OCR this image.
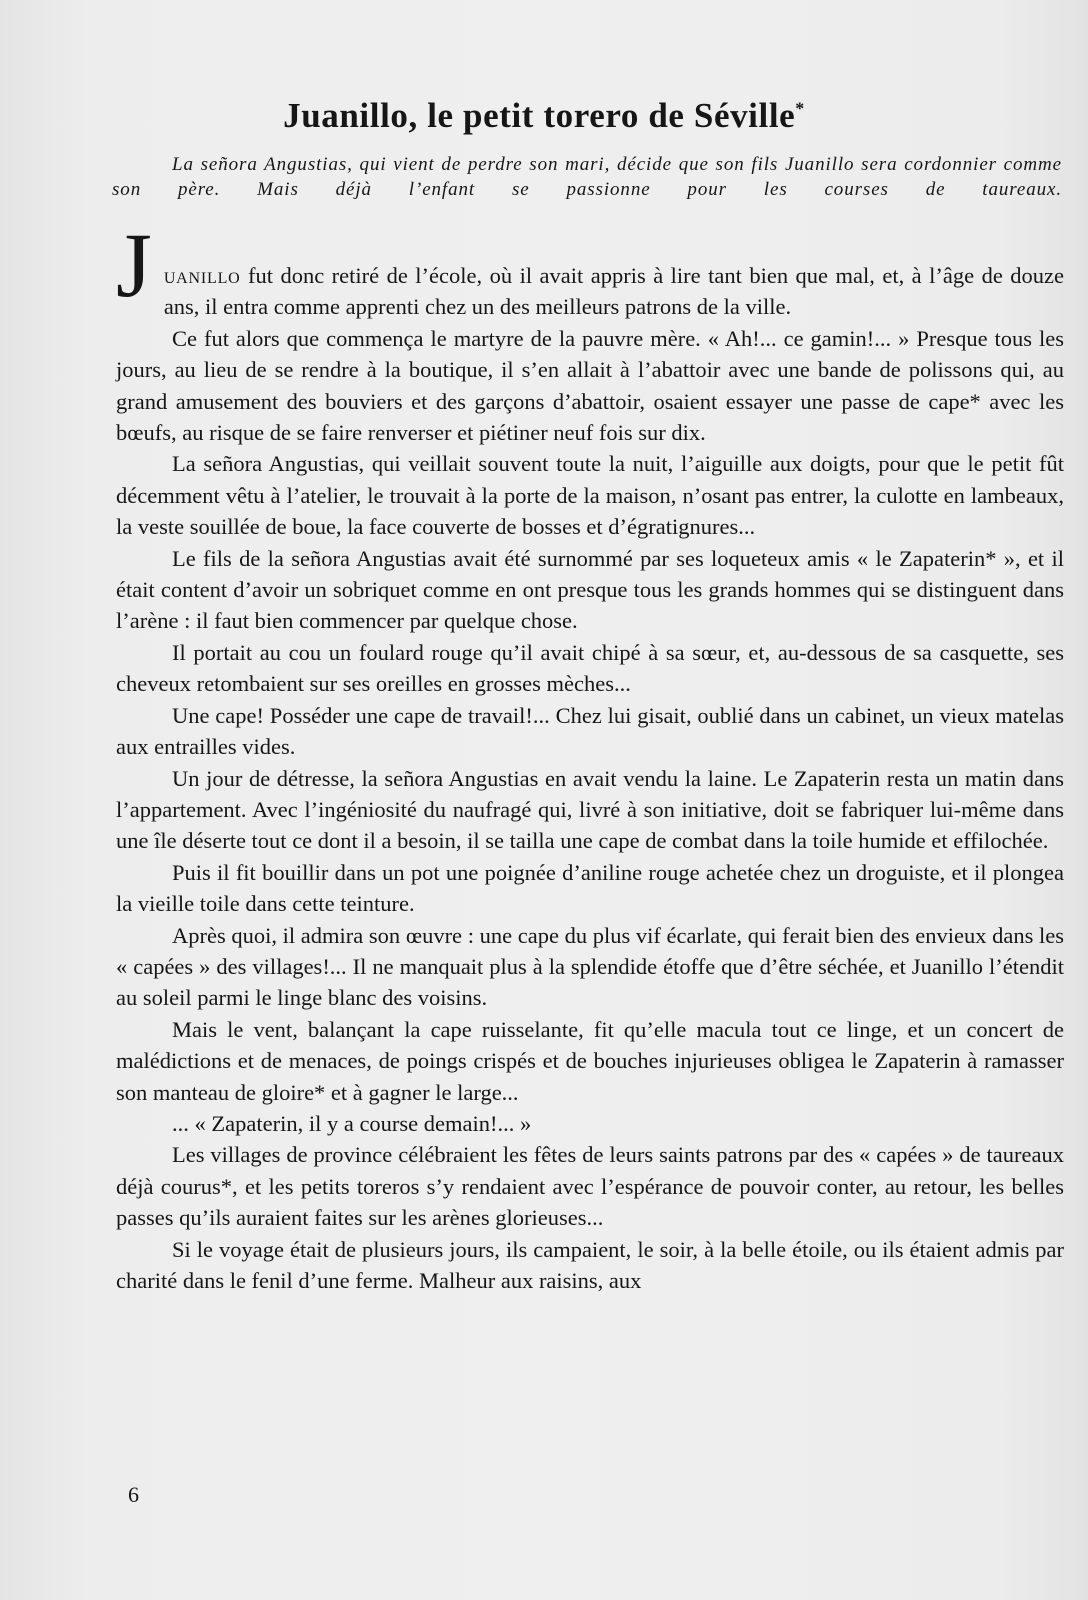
Juanillo, le petit torero de Séville*

La señora Angustias, qui vient de perdre son mari, décide que son fils Juanillo sera cordonnier comme son père. Mais déjà l’enfant se passionne pour les courses de taureaux.

Juanillo fut donc retiré de l’école, où il avait appris à lire tant bien que mal, et, à l’âge de douze ans, il entra comme apprenti chez un des meilleurs patrons de la ville.

Ce fut alors que commença le martyre de la pauvre mère. « Ah!... ce gamin!... » Presque tous les jours, au lieu de se rendre à la boutique, il s’en allait à l’abattoir avec une bande de polissons qui, au grand amusement des bouviers et des garçons d’abattoir, osaient essayer une passe de cape* avec les bœufs, au risque de se faire renverser et piétiner neuf fois sur dix.

La señora Angustias, qui veillait souvent toute la nuit, l’aiguille aux doigts, pour que le petit fût décemment vêtu à l’atelier, le trouvait à la porte de la maison, n’osant pas entrer, la culotte en lambeaux, la veste souillée de boue, la face couverte de bosses et d’égratignures...

Le fils de la señora Angustias avait été surnommé par ses loqueteux amis « le Zapaterin* », et il était content d’avoir un sobriquet comme en ont presque tous les grands hommes qui se distinguent dans l’arène : il faut bien commencer par quelque chose.

Il portait au cou un foulard rouge qu’il avait chipé à sa sœur, et, au-dessous de sa casquette, ses cheveux retombaient sur ses oreilles en grosses mèches...

Une cape! Posséder une cape de travail!... Chez lui gisait, oublié dans un cabinet, un vieux matelas aux entrailles vides.

Un jour de détresse, la señora Angustias en avait vendu la laine. Le Zapaterin resta un matin dans l’appartement. Avec l’ingéniosité du naufragé qui, livré à son initiative, doit se fabriquer lui-même dans une île déserte tout ce dont il a besoin, il se tailla une cape de combat dans la toile humide et effilochée.

Puis il fit bouillir dans un pot une poignée d’aniline rouge achetée chez un droguiste, et il plongea la vieille toile dans cette teinture.

Après quoi, il admira son œuvre : une cape du plus vif écarlate, qui ferait bien des envieux dans les « capées » des villages!... Il ne manquait plus à la splendide étoffe que d’être séchée, et Juanillo l’étendit au soleil parmi le linge blanc des voisins.

Mais le vent, balançant la cape ruisselante, fit qu’elle macula tout ce linge, et un concert de malédictions et de menaces, de poings crispés et de bouches injurieuses obligea le Zapaterin à ramasser son manteau de gloire* et à gagner le large...

... « Zapaterin, il y a course demain!... »

Les villages de province célébraient les fêtes de leurs saints patrons par des « capées » de taureaux déjà courus*, et les petits toreros s’y rendaient avec l’espérance de pouvoir conter, au retour, les belles passes qu’ils auraient faites sur les arènes glorieuses...

Si le voyage était de plusieurs jours, ils campaient, le soir, à la belle étoile, ou ils étaient admis par charité dans le fenil d’une ferme. Malheur aux raisins, aux

6
